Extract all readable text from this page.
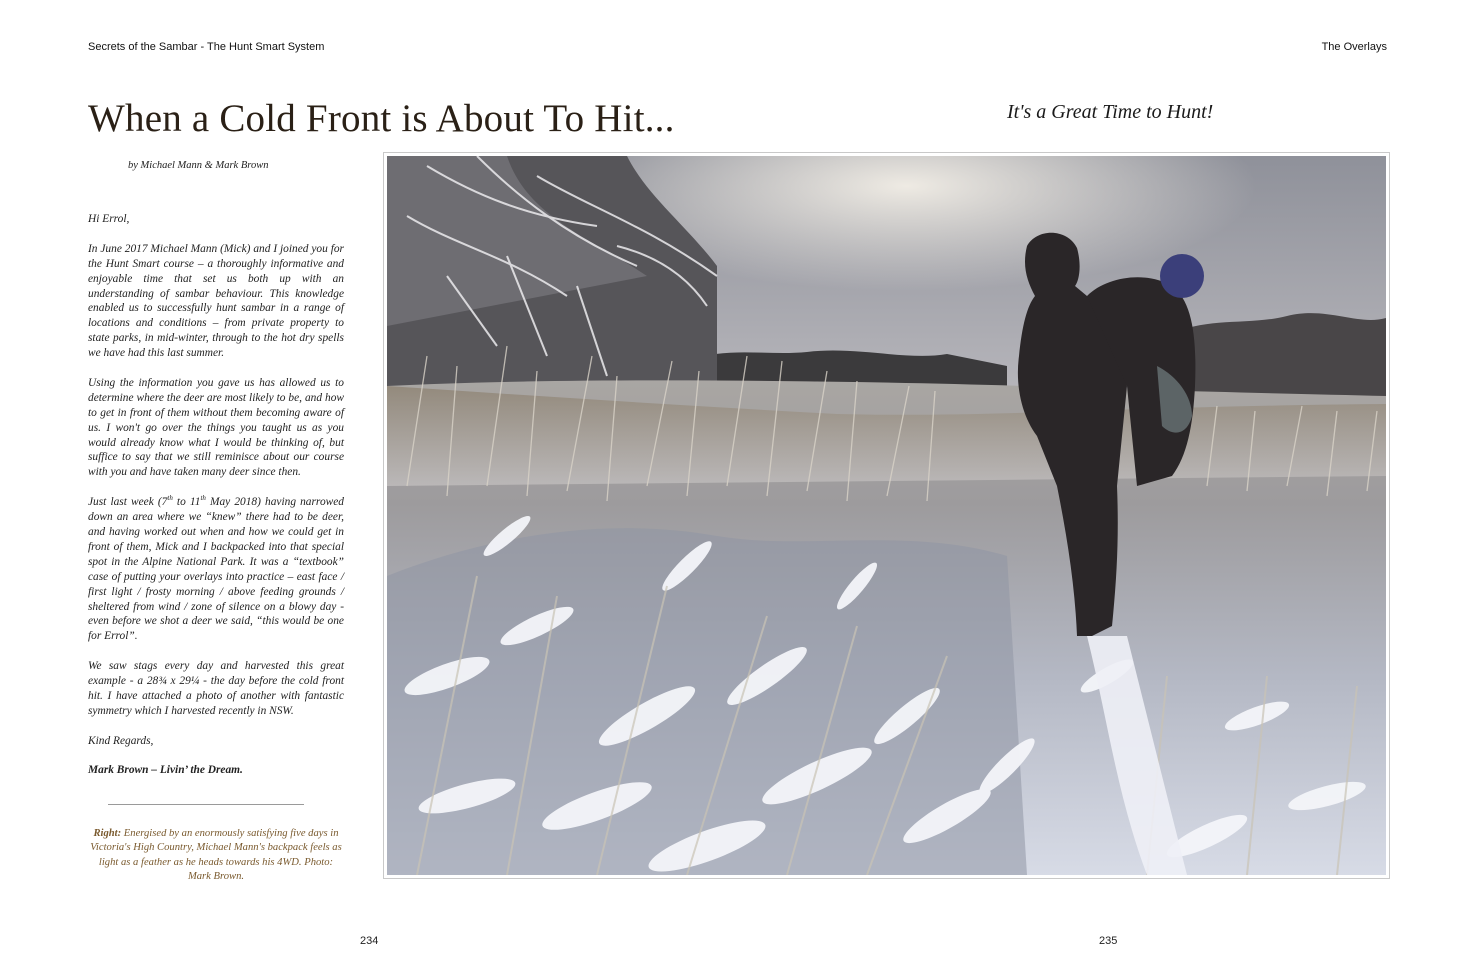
Secrets of the Sambar - The Hunt Smart System	The Overlays
When a Cold Front is About To Hit...	It's a Great Time to Hunt!
by Michael Mann & Mark Brown

Hi Errol,

In June 2017 Michael Mann (Mick) and I joined you for the Hunt Smart course – a thoroughly informative and enjoyable time that set us both up with an understanding of sambar behaviour. This knowledge enabled us to successfully hunt sambar in a range of locations and conditions – from private property to state parks, in mid-winter, through to the hot dry spells we have had this last summer.

Using the information you gave us has allowed us to determine where the deer are most likely to be, and how to get in front of them without them becoming aware of us. I won't go over the things you taught us as you would already know what I would be thinking of, but suffice to say that we still reminisce about our course with you and have taken many deer since then.

Just last week (7th to 11th May 2018) having narrowed down an area where we “knew” there had to be deer, and having worked out when and how we could get in front of them, Mick and I backpacked into that special spot in the Alpine National Park. It was a “textbook” case of putting your overlays into practice – east face / first light / frosty morning / above feeding grounds / sheltered from wind / zone of silence on a blowy day - even before we shot a deer we said, “this would be one for Errol”.

We saw stags every day and harvested this great example - a 28¾ x 29¼ - the day before the cold front hit. I have attached a photo of another with fantastic symmetry which I harvested recently in NSW.

Kind Regards,

Mark Brown – Livin’ the Dream.

Right: Energised by an enormously satisfying five days in Victoria's High Country, Michael Mann's backpack feels as light as a feather as he heads towards his 4WD. Photo: Mark Brown.
234	235
